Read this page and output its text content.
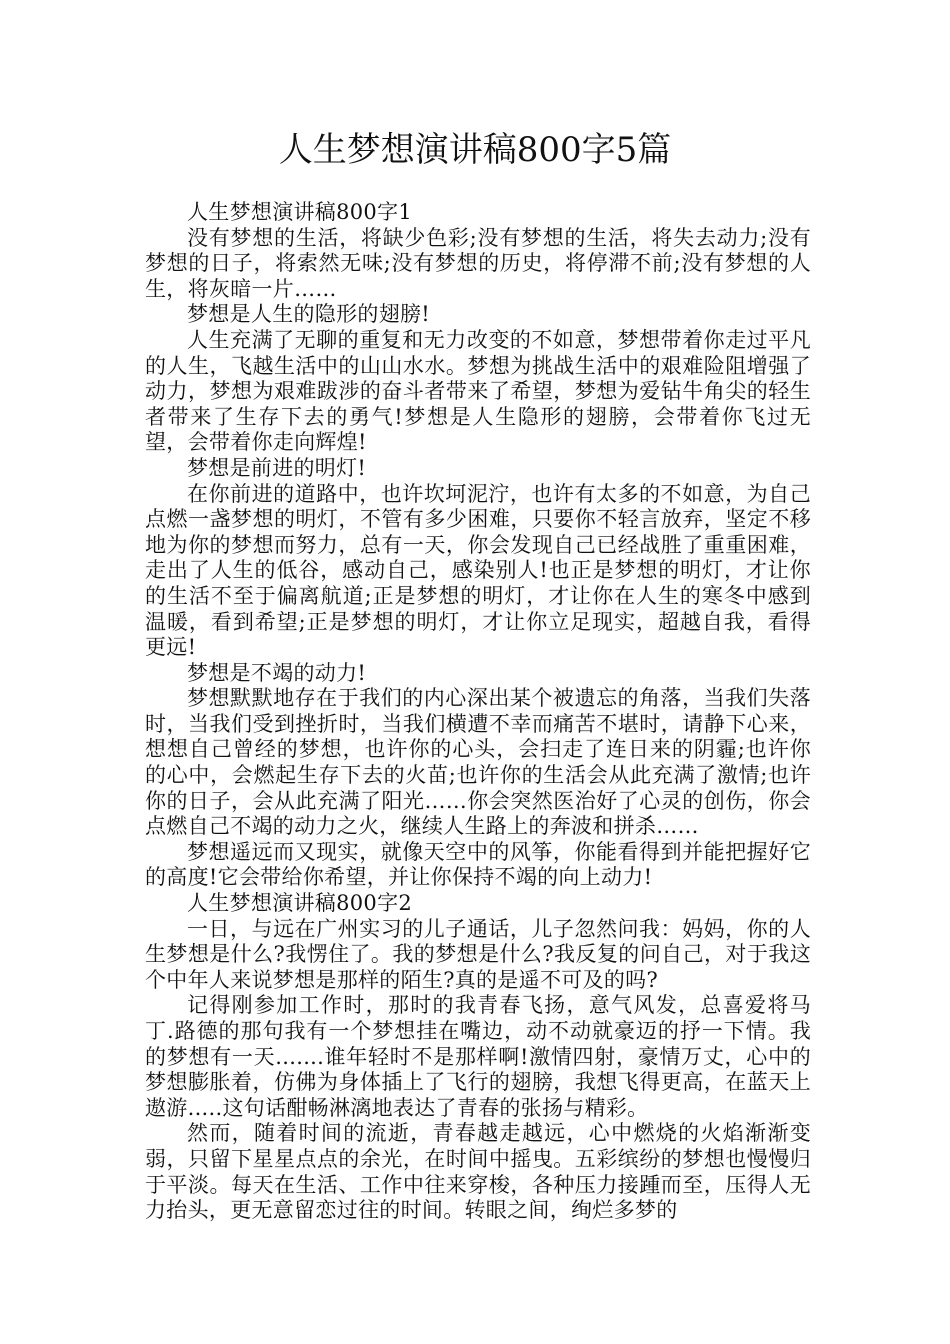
人生梦想演讲稿800字5篇

人生梦想演讲稿800字1

没有梦想的生活，将缺少色彩;没有梦想的生活，将失去动力;没有梦想的日子，将索然无味;没有梦想的历史，将停滞不前;没有梦想的人生，将灰暗一片……

梦想是人生的隐形的翅膀!

人生充满了无聊的重复和无力改变的不如意，梦想带着你走过平凡的人生，飞越生活中的山山水水。梦想为挑战生活中的艰难险阻增强了动力，梦想为艰难跋涉的奋斗者带来了希望，梦想为爱钻牛角尖的轻生者带来了生存下去的勇气!梦想是人生隐形的翅膀，会带着你飞过无望，会带着你走向辉煌!

梦想是前进的明灯!

在你前进的道路中，也许坎坷泥泞，也许有太多的不如意，为自己点燃一盏梦想的明灯，不管有多少困难，只要你不轻言放弃，坚定不移地为你的梦想而努力，总有一天，你会发现自己已经战胜了重重困难，走出了人生的低谷，感动自己，感染别人!也正是梦想的明灯，才让你的生活不至于偏离航道;正是梦想的明灯，才让你在人生的寒冬中感到温暖，看到希望;正是梦想的明灯，才让你立足现实，超越自我，看得更远!

梦想是不竭的动力!

梦想默默地存在于我们的内心深出某个被遗忘的角落，当我们失落时，当我们受到挫折时，当我们横遭不幸而痛苦不堪时，请静下心来，想想自己曾经的梦想，也许你的心头，会扫走了连日来的阴霾;也许你的心中，会燃起生存下去的火苗;也许你的生活会从此充满了激情;也许你的日子，会从此充满了阳光……你会突然医治好了心灵的创伤，你会点燃自己不竭的动力之火，继续人生路上的奔波和拼杀……

梦想遥远而又现实，就像天空中的风筝，你能看得到并能把握好它的高度!它会带给你希望，并让你保持不竭的向上动力!

人生梦想演讲稿800字2

一日，与远在广州实习的儿子通话，儿子忽然问我：妈妈，你的人生梦想是什么?我愣住了。我的梦想是什么?我反复的问自己，对于我这个中年人来说梦想是那样的陌生?真的是遥不可及的吗?

记得刚参加工作时，那时的我青春飞扬，意气风发，总喜爱将马丁.路德的那句我有一个梦想挂在嘴边，动不动就豪迈的抒一下情。我的梦想有一天.......谁年轻时不是那样啊!激情四射，豪情万丈，心中的梦想膨胀着，仿佛为身体插上了飞行的翅膀，我想飞得更高，在蓝天上遨游.....这句话酣畅淋漓地表达了青春的张扬与精彩。

然而，随着时间的流逝，青春越走越远，心中燃烧的火焰渐渐变弱，只留下星星点点的余光，在时间中摇曳。五彩缤纷的梦想也慢慢归于平淡。每天在生活、工作中往来穿梭，各种压力接踵而至，压得人无力抬头，更无意留恋过往的时间。转眼之间，绚烂多梦的
